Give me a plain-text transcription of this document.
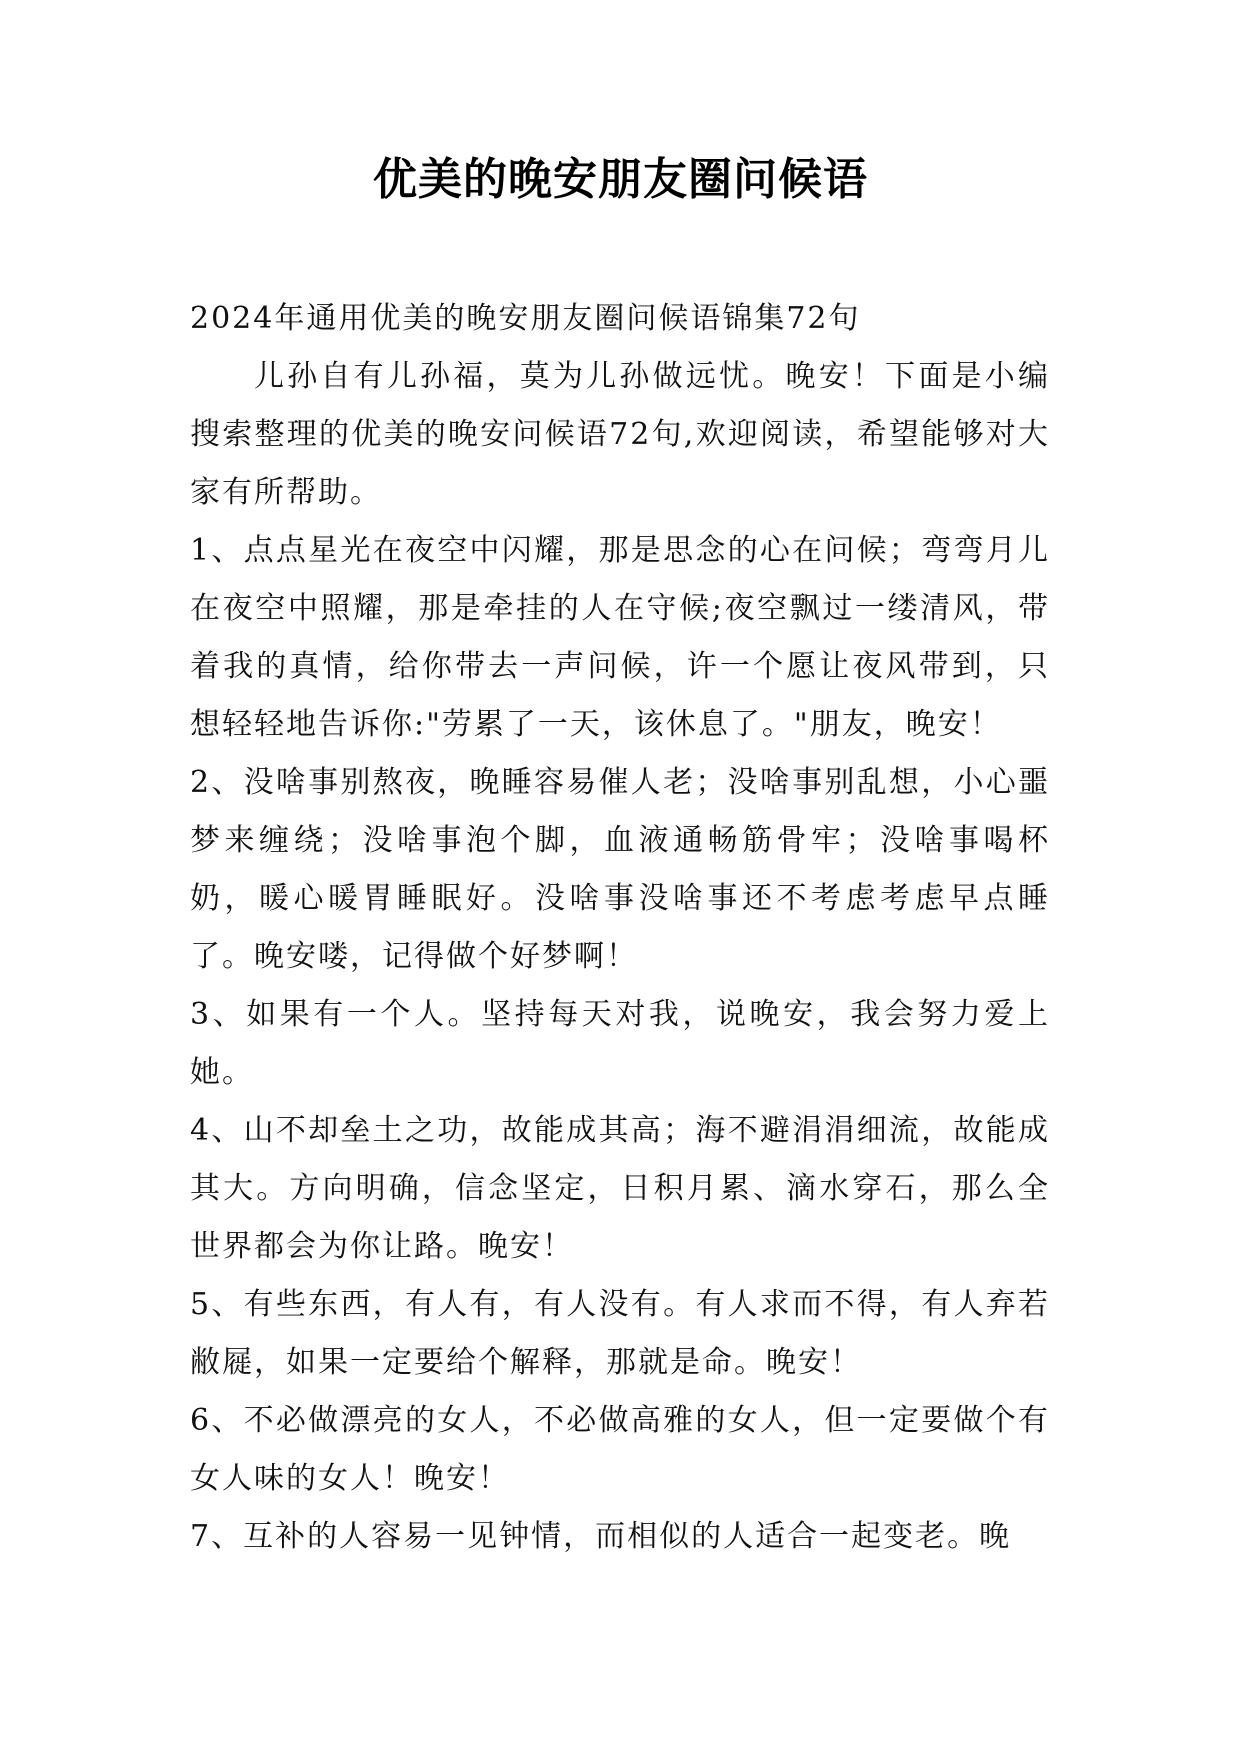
优美的晚安朋友圈问候语

2024年通用优美的晚安朋友圈问候语锦集72句

儿孙自有儿孙福，莫为儿孙做远忧。晚安！下面是小编搜索整理的优美的晚安问候语72句,欢迎阅读，希望能够对大家有所帮助。

1、点点星光在夜空中闪耀，那是思念的心在问候；弯弯月儿在夜空中照耀，那是牵挂的人在守候;夜空飘过一缕清风，带着我的真情，给你带去一声问候，许一个愿让夜风带到，只想轻轻地告诉你:"劳累了一天，该休息了。"朋友，晚安！

2、没啥事别熬夜，晚睡容易催人老；没啥事别乱想，小心噩梦来缠绕；没啥事泡个脚，血液通畅筋骨牢；没啥事喝杯奶，暖心暖胃睡眠好。没啥事没啥事还不考虑考虑早点睡了。晚安喽，记得做个好梦啊！

3、如果有一个人。坚持每天对我，说晚安，我会努力爱上她。

4、山不却垒土之功，故能成其高；海不避涓涓细流，故能成其大。方向明确，信念坚定，日积月累、滴水穿石，那么全世界都会为你让路。晚安！

5、有些东西，有人有，有人没有。有人求而不得，有人弃若敝屣，如果一定要给个解释，那就是命。晚安！

6、不必做漂亮的女人，不必做高雅的女人，但一定要做个有女人味的女人！晚安！

7、互补的人容易一见钟情，而相似的人适合一起变老。晚
